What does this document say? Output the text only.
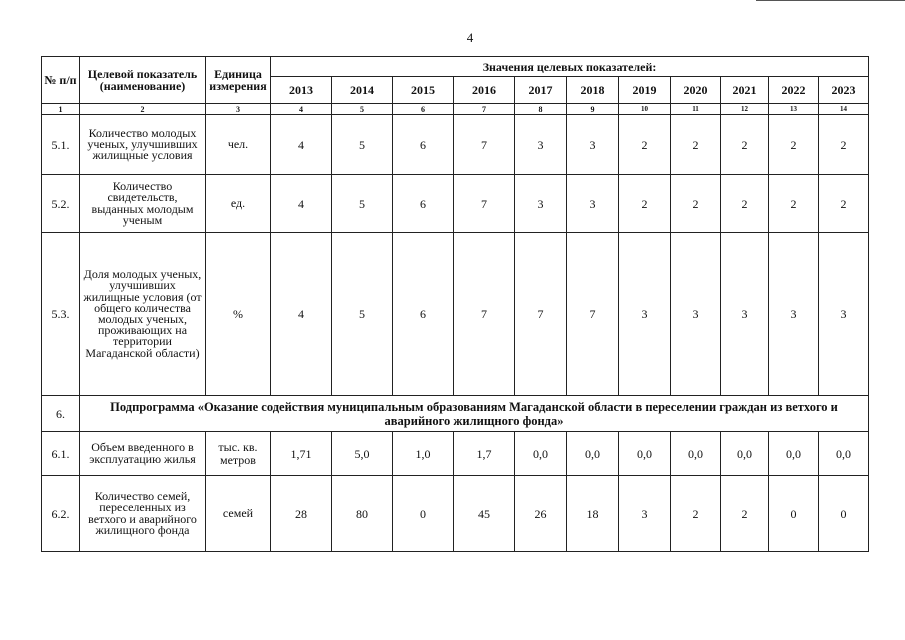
4
№ п/п	Целевой показатель (наименование)	Единица измерения	Значения целевых показателей:										
			2013	2014	2015	2016	2017	2018	2019	2020	2021	2022	2023
1	2	3	4	5	6	7	8	9	10	11	12	13	14
5.1.	Количество молодых ученых, улучшивших жилищные условия	чел.	4	5	6	7	3	3	2	2	2	2	2
5.2.	Количество свидетельств, выданных молодым ученым	ед.	4	5	6	7	3	3	2	2	2	2	2
5.3.	Доля молодых ученых, улучшивших жилищные условия (от общего количества молодых ученых, проживающих на территории Магаданской области)	%	4	5	6	7	7	7	3	3	3	3	3
6.	Подпрограмма «Оказание содействия муниципальным образованиям Магаданской области в переселении граждан из ветхого и аварийного жилищного фонда»												
6.1.	Объем введенного в эксплуатацию жилья	тыс. кв. метров	1,71	5,0	1,0	1,7	0,0	0,0	0,0	0,0	0,0	0,0	0,0
6.2.	Количество семей, переселенных из ветхого и аварийного жилищного фонда	семей	28	80	0	45	26	18	3	2	2	0	0
